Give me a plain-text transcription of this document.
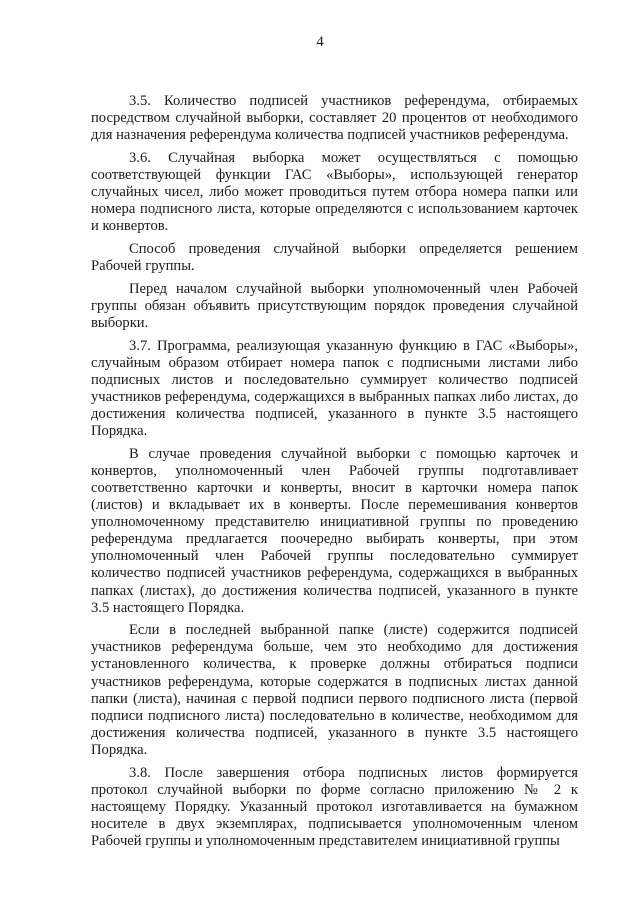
4

3.5. Количество подписей участников референдума, отбираемых посредством случайной выборки, составляет 20 процентов от необходимого для назначения референдума количества подписей участников референдума.

3.6. Случайная выборка может осуществляться с помощью соответствующей функции ГАС «Выборы», использующей генератор случайных чисел, либо может проводиться путем отбора номера папки или номера подписного листа, которые определяются с использованием карточек и конвертов.

Способ проведения случайной выборки определяется решением Рабочей группы.

Перед началом случайной выборки уполномоченный член Рабочей группы обязан объявить присутствующим порядок проведения случайной выборки.

3.7. Программа, реализующая указанную функцию в ГАС «Выборы», случайным образом отбирает номера папок с подписными листами либо подписных листов и последовательно суммирует количество подписей участников референдума, содержащихся в выбранных папках либо листах, до достижения количества подписей, указанного в пункте 3.5 настоящего Порядка.

В случае проведения случайной выборки с помощью карточек и конвертов, уполномоченный член Рабочей группы подготавливает соответственно карточки и конверты, вносит в карточки номера папок (листов) и вкладывает их в конверты. После перемешивания конвертов уполномоченному представителю инициативной группы по проведению референдума предлагается поочередно выбирать конверты, при этом уполномоченный член Рабочей группы последовательно суммирует количество подписей участников референдума, содержащихся в выбранных папках (листах), до достижения количества подписей, указанного в пункте 3.5 настоящего Порядка.

Если в последней выбранной папке (листе) содержится подписей участников референдума больше, чем это необходимо для достижения установленного количества, к проверке должны отбираться подписи участников референдума, которые содержатся в подписных листах данной папки (листа), начиная с первой подписи первого подписного листа (первой подписи подписного листа) последовательно в количестве, необходимом для достижения количества подписей, указанного в пункте 3.5 настоящего Порядка.

3.8. После завершения отбора подписных листов формируется протокол случайной выборки по форме согласно приложению № 2 к настоящему Порядку. Указанный протокол изготавливается на бумажном носителе в двух экземплярах, подписывается уполномоченным членом Рабочей группы и уполномоченным представителем инициативной группы
